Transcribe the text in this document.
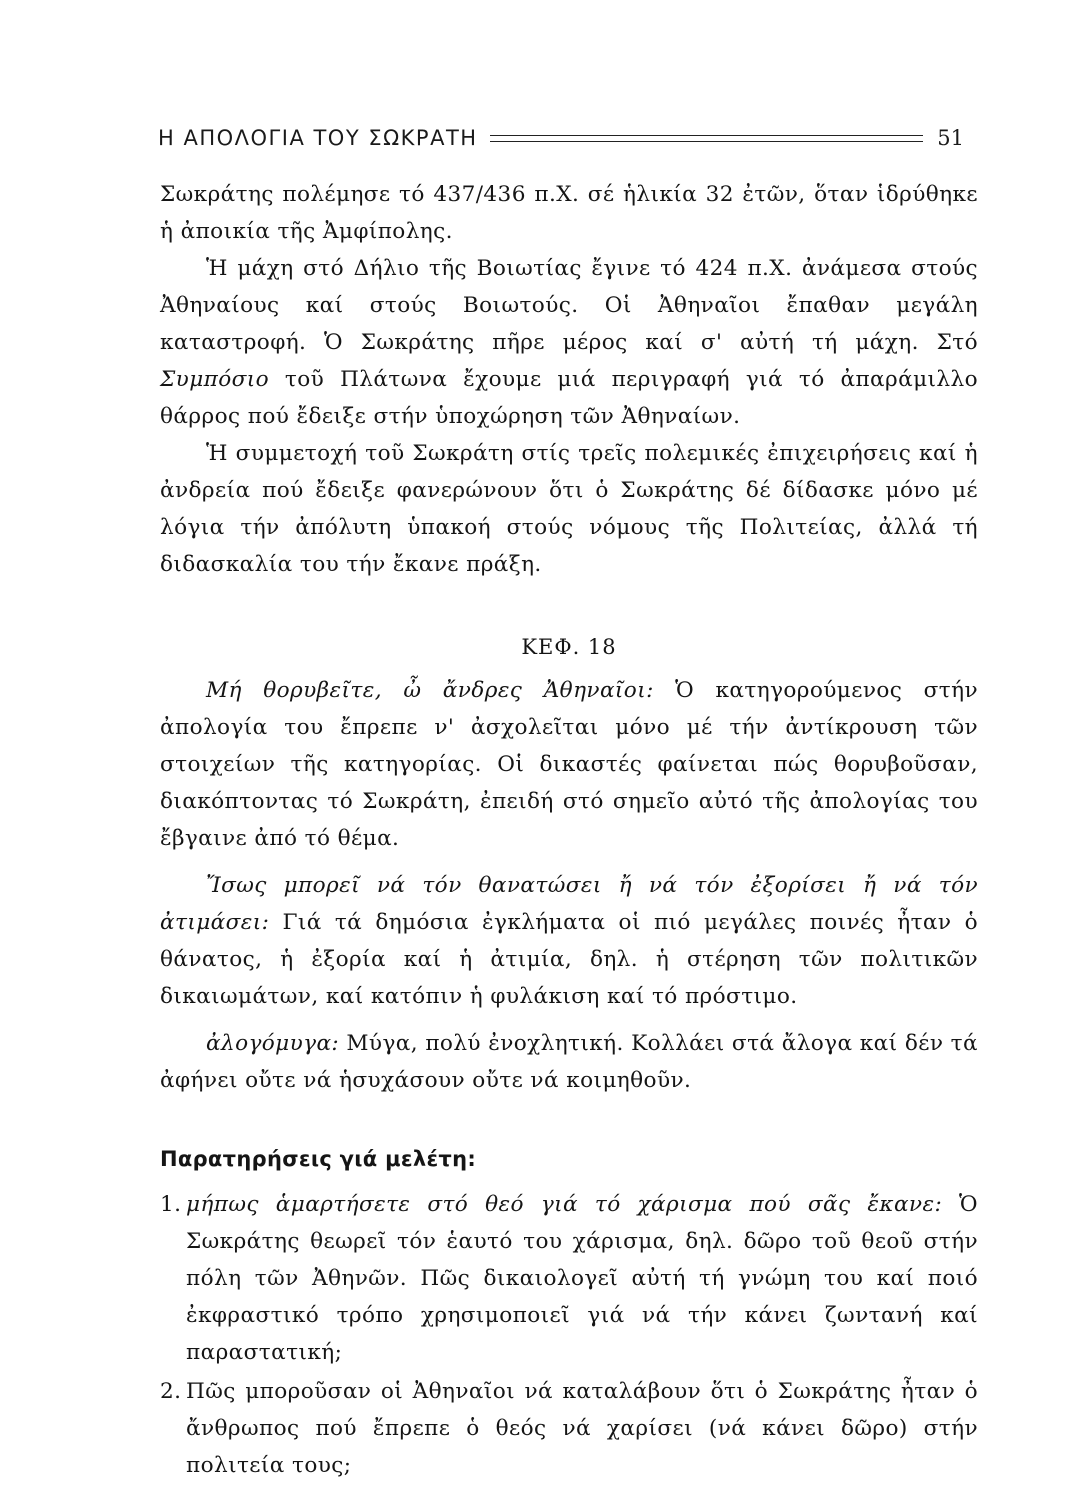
Η ΑΠΟΛΟΓΙΑ ΤΟΥ ΣΩΚΡΑΤΗ	51

Σωκράτης πολέμησε τό 437/436 π.Χ. σέ ἡλικία 32 ἐτῶν, ὅταν ἱδρύθηκε ἡ ἀποικία τῆς Ἀμφίπολης.

Ἡ μάχη στό Δήλιο τῆς Βοιωτίας ἔγινε τό 424 π.Χ. ἀνάμεσα στούς Ἀθηναίους καί στούς Βοιωτούς. Οἱ Ἀθηναῖοι ἔπαθαν μεγάλη καταστροφή. Ὁ Σωκράτης πῆρε μέρος καί σ' αὐτή τή μάχη. Στό Συμπόσιο τοῦ Πλάτωνα ἔχουμε μιά περιγραφή γιά τό ἀπαράμιλλο θάρρος πού ἔδειξε στήν ὑποχώρηση τῶν Ἀθηναίων.

Ἡ συμμετοχή τοῦ Σωκράτη στίς τρεῖς πολεμικές ἐπιχειρήσεις καί ἡ ἀνδρεία πού ἔδειξε φανερώνουν ὅτι ὁ Σωκράτης δέ δίδασκε μόνο μέ λόγια τήν ἀπόλυτη ὑπακοή στούς νόμους τῆς Πολιτείας, ἀλλά τή διδασκαλία του τήν ἔκανε πράξη.

ΚΕΦ. 18

Μή θορυβεῖτε, ὦ ἄνδρες Ἀθηναῖοι: Ὁ κατηγορούμενος στήν ἀπολογία του ἔπρεπε ν' ἀσχολεῖται μόνο μέ τήν ἀντίκρουση τῶν στοιχείων τῆς κατηγορίας. Οἱ δικαστές φαίνεται πώς θορυβοῦσαν, διακόπτοντας τό Σωκράτη, ἐπειδή στό σημεῖο αὐτό τῆς ἀπολογίας του ἔβγαινε ἀπό τό θέμα.

Ἴσως μπορεῖ νά τόν θανατώσει ἤ νά τόν ἐξορίσει ἤ νά τόν ἀτιμάσει: Γιά τά δημόσια ἐγκλήματα οἱ πιό μεγάλες ποινές ἦταν ὁ θάνατος, ἡ ἐξορία καί ἡ ἀτιμία, δηλ. ἡ στέρηση τῶν πολιτικῶν δικαιωμάτων, καί κατόπιν ἡ φυλάκιση καί τό πρόστιμο.

ἀλογόμυγα: Μύγα, πολύ ἐνοχλητική. Κολλάει στά ἄλογα καί δέν τά ἀφήνει οὔτε νά ἡσυχάσουν οὔτε νά κοιμηθοῦν.

Παρατηρήσεις γιά μελέτη:
1. μήπως ἁμαρτήσετε στό θεό γιά τό χάρισμα πού σᾶς ἔκανε: Ὁ Σωκράτης θεωρεῖ τόν ἑαυτό του χάρισμα, δηλ. δῶρο τοῦ θεοῦ στήν πόλη τῶν Ἀθηνῶν. Πῶς δικαιολογεῖ αὐτή τή γνώμη του καί ποιό ἐκφραστικό τρόπο χρησιμοποιεῖ γιά νά τήν κάνει ζωντανή καί παραστατική;
2. Πῶς μποροῦσαν οἱ Ἀθηναῖοι νά καταλάβουν ὅτι ὁ Σωκράτης ἦταν ὁ ἄνθρωπος πού ἔπρεπε ὁ θεός νά χαρίσει (νά κάνει δῶρο) στήν πολιτεία τους;
